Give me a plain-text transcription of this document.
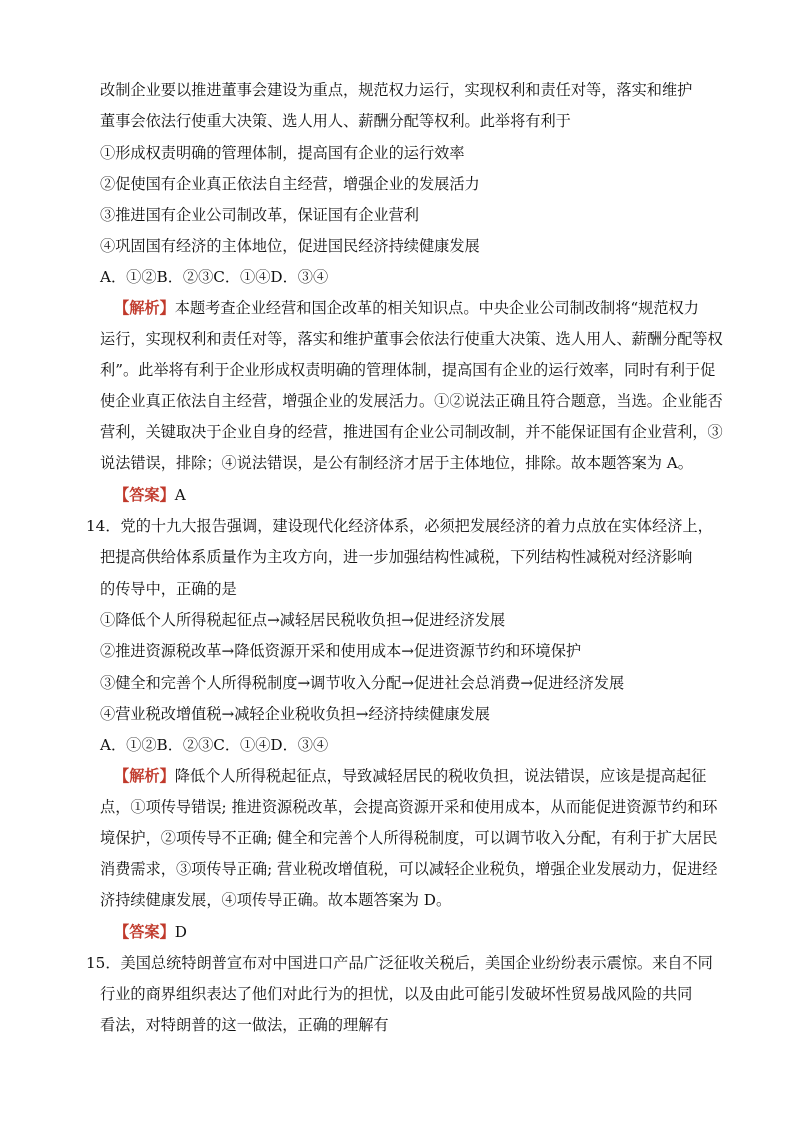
改制企业要以推进董事会建设为重点，规范权力运行，实现权利和责任对等，落实和维护
董事会依法行使重大决策、选人用人、薪酬分配等权利。此举将有利于
①形成权责明确的管理体制，提高国有企业的运行效率
②促使国有企业真正依法自主经营，增强企业的发展活力
③推进国有企业公司制改革，保证国有企业营利
④巩固国有经济的主体地位，促进国民经济持续健康发展
A．①②B．②③C．①④D．③④
【解析】本题考查企业经营和国企改革的相关知识点。中央企业公司制改制将“规范权力
运行，实现权利和责任对等，落实和维护董事会依法行使重大决策、选人用人、薪酬分配等权
利”。此举将有利于企业形成权责明确的管理体制，提高国有企业的运行效率，同时有利于促
使企业真正依法自主经营，增强企业的发展活力。①②说法正确且符合题意，当选。企业能否
营利，关键取决于企业自身的经营，推进国有企业公司制改制，并不能保证国有企业营利，③
说法错误，排除；④说法错误，是公有制经济才居于主体地位，排除。故本题答案为 A。
【答案】A
14．党的十九大报告强调，建设现代化经济体系，必须把发展经济的着力点放在实体经济上，
把提高供给体系质量作为主攻方向，进一步加强结构性减税，下列结构性减税对经济影响
的传导中，正确的是
①降低个人所得税起征点→减轻居民税收负担→促进经济发展
②推进资源税改革→降低资源开采和使用成本→促进资源节约和环境保护
③健全和完善个人所得税制度→调节收入分配→促进社会总消费→促进经济发展
④营业税改增值税→减轻企业税收负担→经济持续健康发展
A．①②B．②③C．①④D．③④
【解析】降低个人所得税起征点，导致减轻居民的税收负担，说法错误，应该是提高起征
点，①项传导错误; 推进资源税改革，会提高资源开采和使用成本，从而能促进资源节约和环
境保护，②项传导不正确; 健全和完善个人所得税制度，可以调节收入分配，有利于扩大居民
消费需求，③项传导正确; 营业税改增值税，可以减轻企业税负，增强企业发展动力，促进经
济持续健康发展，④项传导正确。故本题答案为 D。
【答案】D
15．美国总统特朗普宣布对中国进口产品广泛征收关税后，美国企业纷纷表示震惊。来自不同
行业的商界组织表达了他们对此行为的担忧，以及由此可能引发破坏性贸易战风险的共同
看法，对特朗普的这一做法，正确的理解有
